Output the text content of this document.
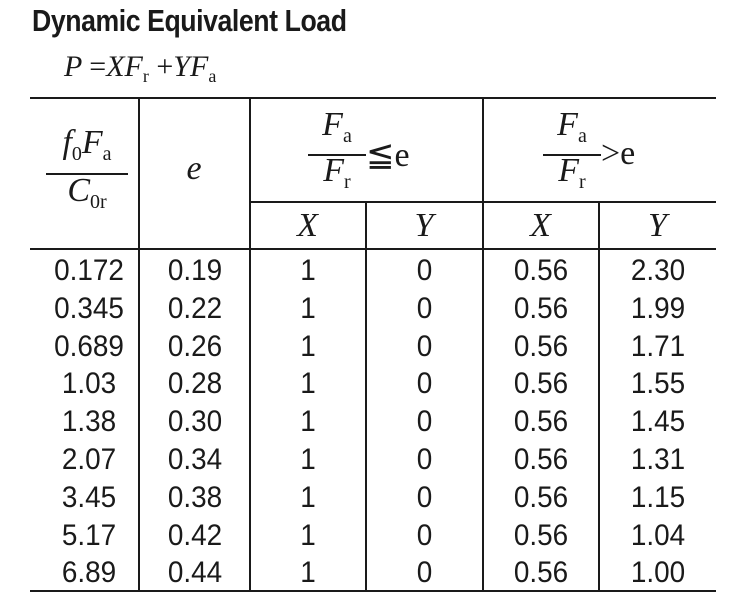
Dynamic Equivalent Load
$P =XF_r +YF_a$
$f_0F_a$
$C_{0r}$
e
$F_a$
$F_r$
≦e
$F_a$
$F_r$
>e
X	Y	X	Y
0.172	0.19	1	0	0.56	2.30
0.345	0.22	1	0	0.56	1.99
0.689	0.26	1	0	0.56	1.71
1.03	0.28	1	0	0.56	1.55
1.38	0.30	1	0	0.56	1.45
2.07	0.34	1	0	0.56	1.31
3.45	0.38	1	0	0.56	1.15
5.17	0.42	1	0	0.56	1.04
6.89	0.44	1	0	0.56	1.00
